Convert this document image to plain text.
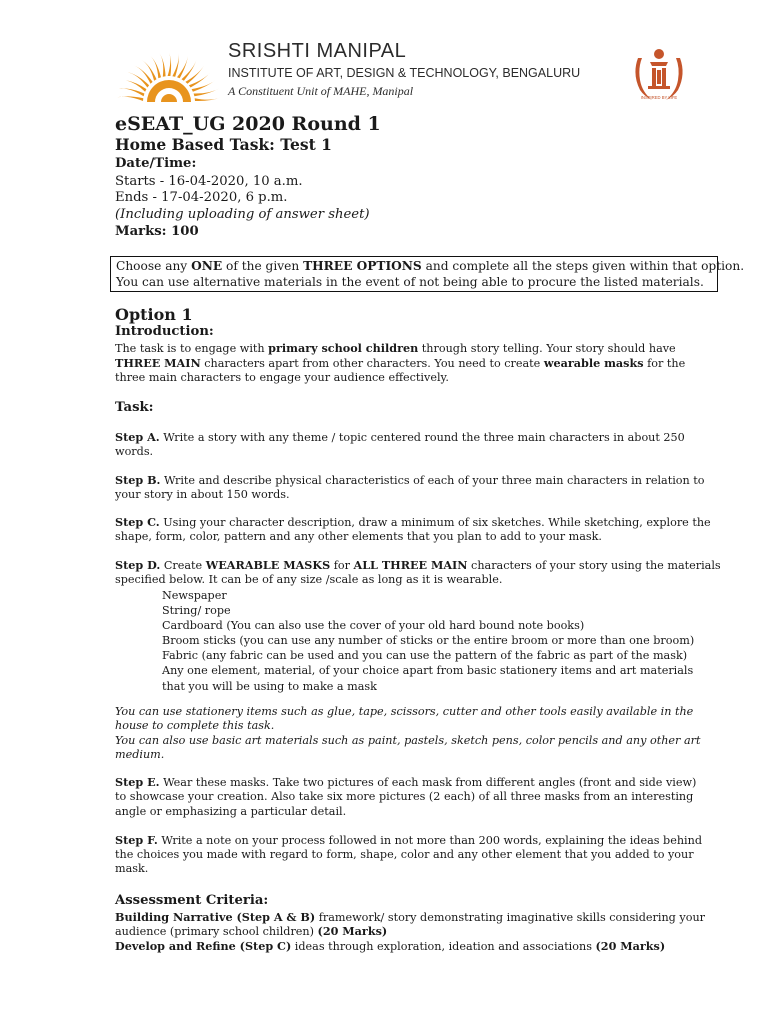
SRISHTI MANIPAL
INSTITUTE OF ART, DESIGN & TECHNOLOGY, BENGALURU
A Constituent Unit of MAHE, Manipal	INSPIRED BY LIFE
eSEAT_UG 2020 Round 1
Home Based Task: Test 1
Date/Time:
Starts - 16-04-2020, 10 a.m.
Ends - 17-04-2020, 6 p.m.
(Including uploading of answer sheet)
Marks: 100
Choose any ONE of the given THREE OPTIONS and complete all the steps given within that option.
You can use alternative materials in the event of not being able to procure the listed materials.
Option 1
Introduction:
The task is to engage with primary school children through story telling. Your story should have
THREE MAIN characters apart from other characters. You need to create wearable masks for the
three main characters to engage your audience effectively.
Task:
Step A. Write a story with any theme / topic centered round the three main characters in about 250
words.
Step B. Write and describe physical characteristics of each of your three main characters in relation to
your story in about 150 words.
Step C. Using your character description, draw a minimum of six sketches. While sketching, explore the
shape, form, color, pattern and any other elements that you plan to add to your mask.
Step D. Create WEARABLE MASKS for ALL THREE MAIN characters of your story using the materials
specified below. It can be of any size /scale as long as it is wearable.
Newspaper
String/ rope
Cardboard (You can also use the cover of your old hard bound note books)
Broom sticks (you can use any number of sticks or the entire broom or more than one broom)
Fabric (any fabric can be used and you can use the pattern of the fabric as part of the mask)
Any one element, material, of your choice apart from basic stationery items and art materials
that you will be using to make a mask
You can use stationery items such as glue, tape, scissors, cutter and other tools easily available in the
house to complete this task.
You can also use basic art materials such as paint, pastels, sketch pens, color pencils and any other art
medium.
Step E. Wear these masks. Take two pictures of each mask from different angles (front and side view)
to showcase your creation. Also take six more pictures (2 each) of all three masks from an interesting
angle or emphasizing a particular detail.
Step F. Write a note on your process followed in not more than 200 words, explaining the ideas behind
the choices you made with regard to form, shape, color and any other element that you added to your
mask.
Assessment Criteria:
Building Narrative (Step A & B) framework/ story demonstrating imaginative skills considering your
audience (primary school children) (20 Marks)
Develop and Refine (Step C) ideas through exploration, ideation and associations (20 Marks)
